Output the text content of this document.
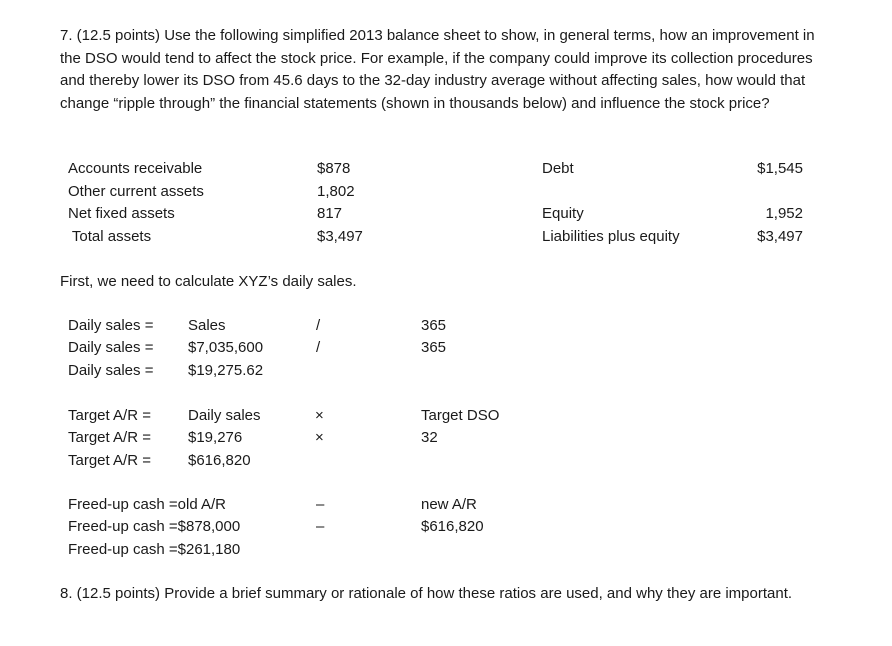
7. (12.5 points) Use the following simplified 2013 balance sheet to show, in general terms, how an improvement in the DSO would tend to affect the stock price. For example, if the company could improve its collection procedures and thereby lower its DSO from 45.6 days to the 32-day industry average without affecting sales, how would that change “ripple through” the financial statements (shown in thousands below) and influence the stock price?
Accounts receivable	$878	Debt	$1,545
Other current assets	1,802
Net fixed assets	817	Equity	1,952
Total assets	$3,497	Liabilities plus equity	$3,497
First, we need to calculate XYZ’s daily sales.
Daily sales = Sales	/	365
Daily sales = $7,035,600	/	365
Daily sales = $19,275.62
Target A/R = Daily sales	×	Target DSO
Target A/R = $19,276	×	32
Target A/R = $616,820
Freed-up cash =old A/R	–	new A/R
Freed-up cash =$878,000	–	$616,820
Freed-up cash =$261,180
8. (12.5 points) Provide a brief summary or rationale of how these ratios are used, and why they are important.
